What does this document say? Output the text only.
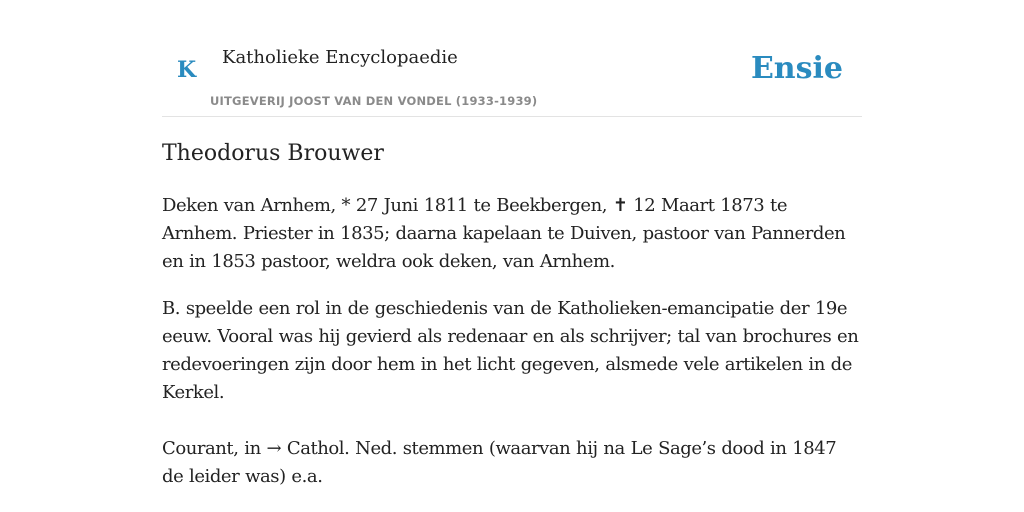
K Katholieke Encyclopaedie
UITGEVERIJ JOOST VAN DEN VONDEL (1933-1939)
Ensie
Theodorus Brouwer

Deken van Arnhem, * 27 Juni 1811 te Beekbergen, ✝ 12 Maart 1873 te Arnhem. Priester in 1835; daarna kapelaan te Duiven, pastoor van Pannerden en in 1853 pastoor, weldra ook deken, van Arnhem.

B. speelde een rol in de geschiedenis van de Katholieken-emancipatie der 19e eeuw. Vooral was hij gevierd als redenaar en als schrijver; tal van brochures en redevoeringen zijn door hem in het licht gegeven, alsmede vele artikelen in de Kerkel.

Courant, in → Cathol. Ned. stemmen (waarvan hij na Le Sage’s dood in 1847 de leider was) e.a.
